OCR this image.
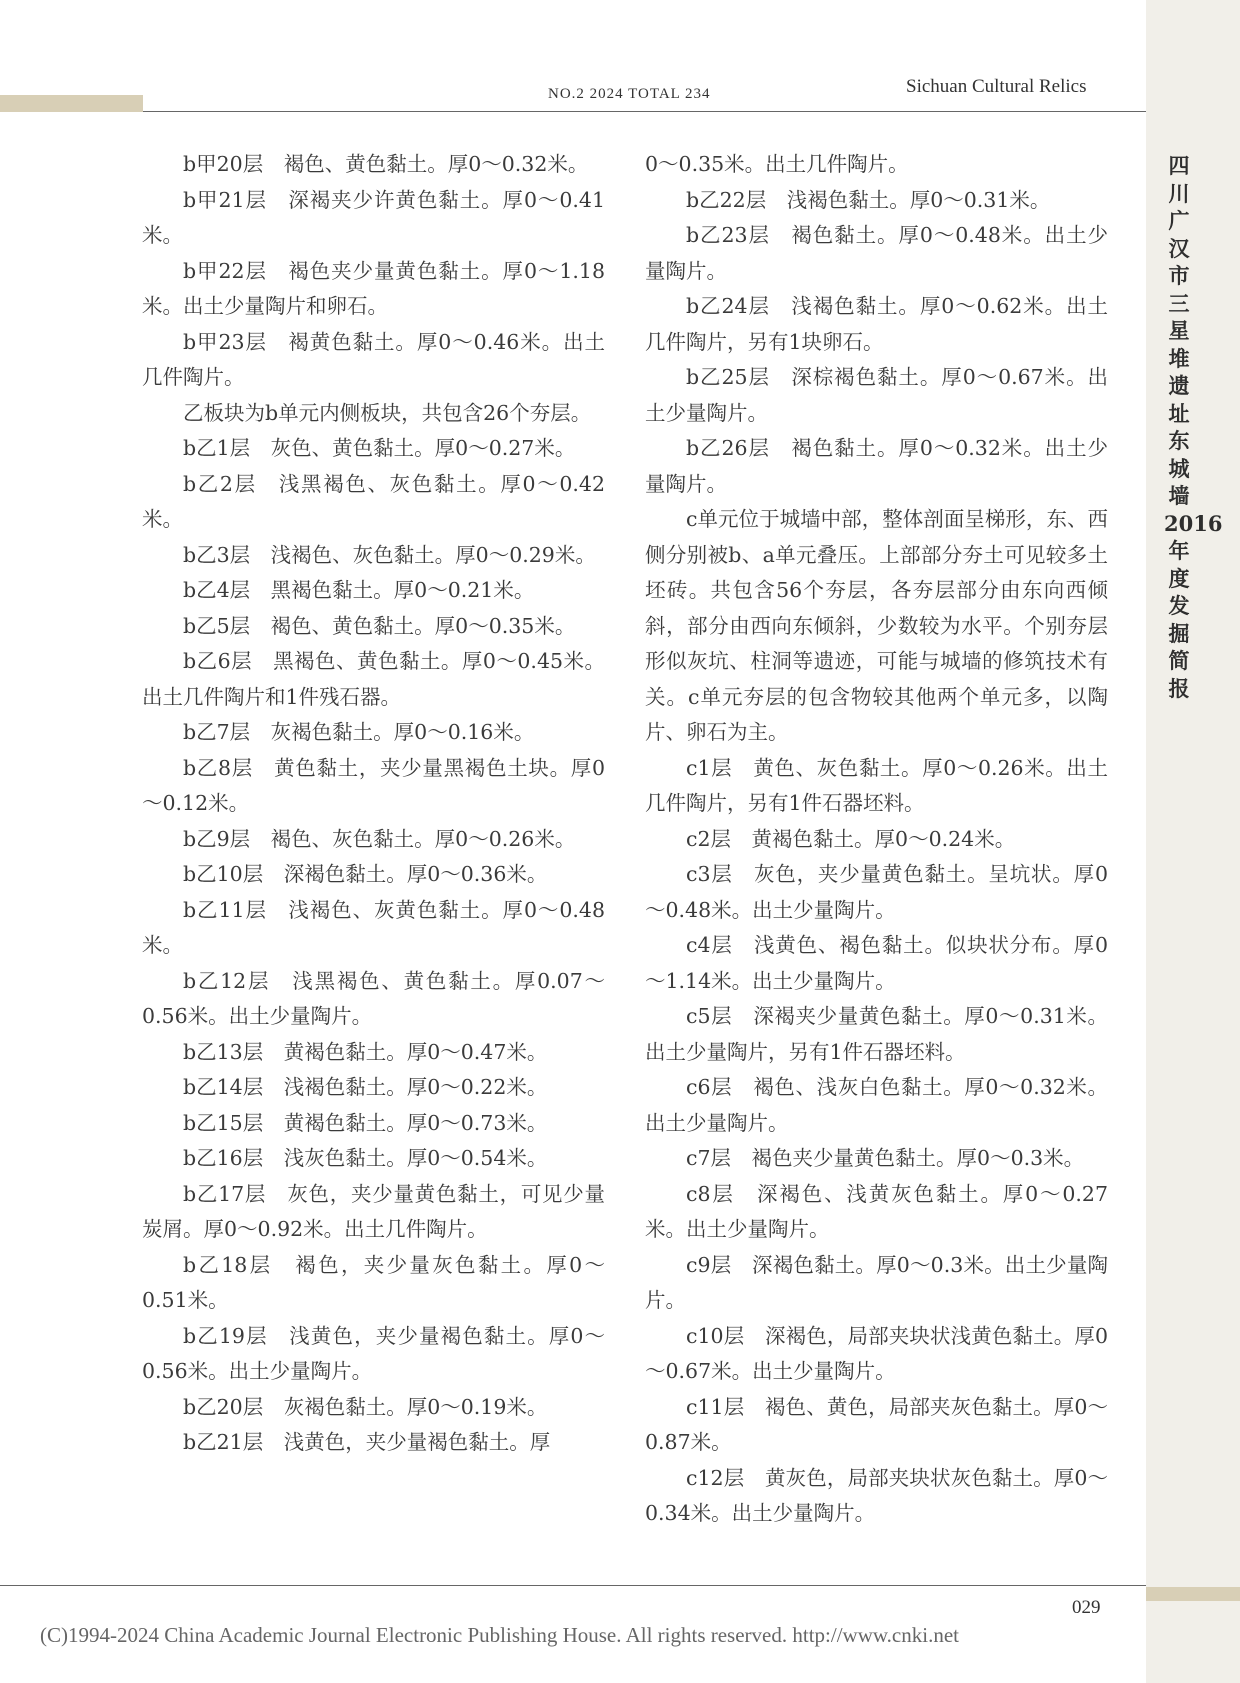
NO.2 2024 TOTAL 234	Sichuan Cultural Relics
四川广汉市三星堆遗址东城墙2016年度发掘简报

b甲20层　褐色、黄色黏土。厚0～0.32米。

b甲21层　深褐夹少许黄色黏土。厚0～0.41米。

b甲22层　褐色夹少量黄色黏土。厚0～1.18米。出土少量陶片和卵石。

b甲23层　褐黄色黏土。厚0～0.46米。出土几件陶片。

乙板块为b单元内侧板块，共包含26个夯层。

b乙1层　灰色、黄色黏土。厚0～0.27米。

b乙2层　浅黑褐色、灰色黏土。厚0～0.42米。

b乙3层　浅褐色、灰色黏土。厚0～0.29米。

b乙4层　黑褐色黏土。厚0～0.21米。

b乙5层　褐色、黄色黏土。厚0～0.35米。

b乙6层　黑褐色、黄色黏土。厚0～0.45米。出土几件陶片和1件残石器。

b乙7层　灰褐色黏土。厚0～0.16米。

b乙8层　黄色黏土，夹少量黑褐色土块。厚0～0.12米。

b乙9层　褐色、灰色黏土。厚0～0.26米。

b乙10层　深褐色黏土。厚0～0.36米。

b乙11层　浅褐色、灰黄色黏土。厚0～0.48米。

b乙12层　浅黑褐色、黄色黏土。厚0.07～0.56米。出土少量陶片。

b乙13层　黄褐色黏土。厚0～0.47米。

b乙14层　浅褐色黏土。厚0～0.22米。

b乙15层　黄褐色黏土。厚0～0.73米。

b乙16层　浅灰色黏土。厚0～0.54米。

b乙17层　灰色，夹少量黄色黏土，可见少量炭屑。厚0～0.92米。出土几件陶片。

b乙18层　褐色，夹少量灰色黏土。厚0～0.51米。

b乙19层　浅黄色，夹少量褐色黏土。厚0～0.56米。出土少量陶片。

b乙20层　灰褐色黏土。厚0～0.19米。

b乙21层　浅黄色，夹少量褐色黏土。厚

0～0.35米。出土几件陶片。

b乙22层　浅褐色黏土。厚0～0.31米。

b乙23层　褐色黏土。厚0～0.48米。出土少量陶片。

b乙24层　浅褐色黏土。厚0～0.62米。出土几件陶片，另有1块卵石。

b乙25层　深棕褐色黏土。厚0～0.67米。出土少量陶片。

b乙26层　褐色黏土。厚0～0.32米。出土少量陶片。

c单元位于城墙中部，整体剖面呈梯形，东、西侧分别被b、a单元叠压。上部部分夯土可见较多土坯砖。共包含56个夯层，各夯层部分由东向西倾斜，部分由西向东倾斜，少数较为水平。个别夯层形似灰坑、柱洞等遗迹，可能与城墙的修筑技术有关。c单元夯层的包含物较其他两个单元多，以陶片、卵石为主。

c1层　黄色、灰色黏土。厚0～0.26米。出土几件陶片，另有1件石器坯料。

c2层　黄褐色黏土。厚0～0.24米。

c3层　灰色，夹少量黄色黏土。呈坑状。厚0～0.48米。出土少量陶片。

c4层　浅黄色、褐色黏土。似块状分布。厚0～1.14米。出土少量陶片。

c5层　深褐夹少量黄色黏土。厚0～0.31米。出土少量陶片，另有1件石器坯料。

c6层　褐色、浅灰白色黏土。厚0～0.32米。出土少量陶片。

c7层　褐色夹少量黄色黏土。厚0～0.3米。

c8层　深褐色、浅黄灰色黏土。厚0～0.27米。出土少量陶片。

c9层　深褐色黏土。厚0～0.3米。出土少量陶片。

c10层　深褐色，局部夹块状浅黄色黏土。厚0～0.67米。出土少量陶片。

c11层　褐色、黄色，局部夹灰色黏土。厚0～0.87米。

c12层　黄灰色，局部夹块状灰色黏土。厚0～0.34米。出土少量陶片。

029
(C)1994-2024 China Academic Journal Electronic Publishing House. All rights reserved. http://www.cnki.net
